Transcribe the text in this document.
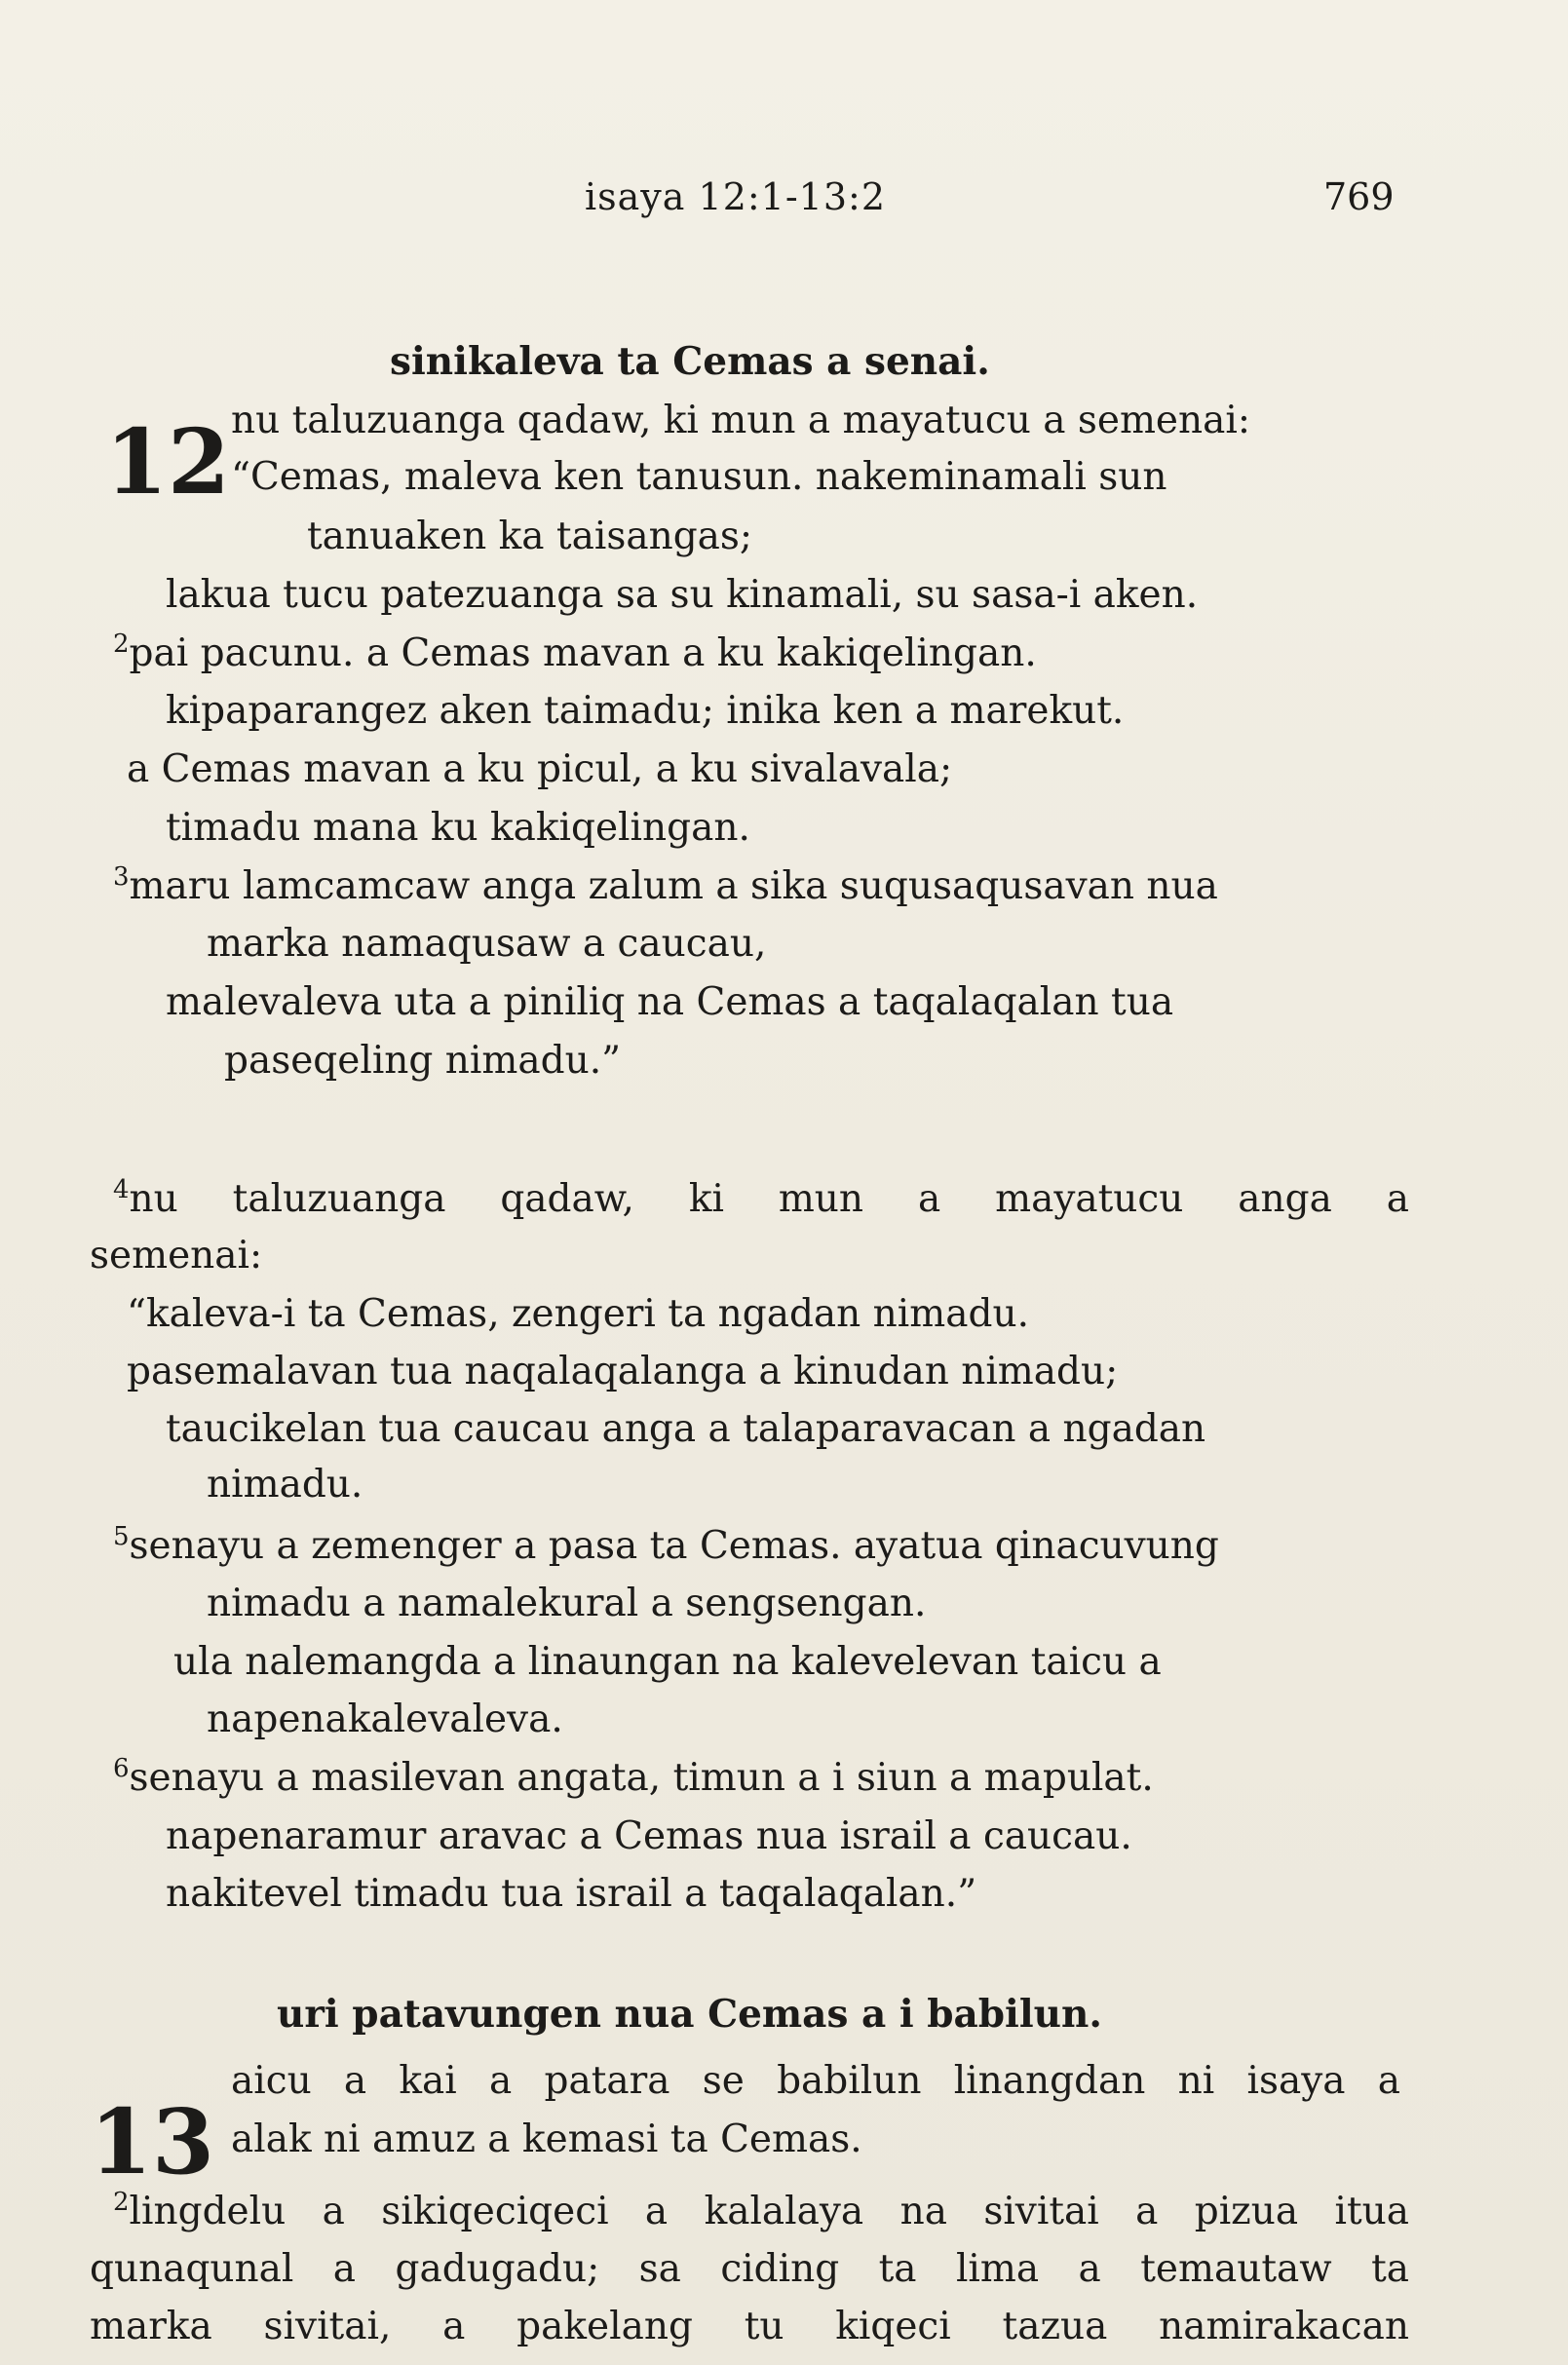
isaya 12:1-13:2	769
sinikaleva ta Cemas a senai.
12 nu taluzuanga qadaw, ki mun a mayatucu a semenai:
“Cemas, maleva ken tanusun. nakeminamali sun
tanuaken ka taisangas;
lakua tucu patezuanga sa su kinamali, su sasa-i aken.
$^2$pai pacunu. a Cemas mavan a ku kakiqelingan.
kipaparangez aken taimadu; inika ken a marekut.
a Cemas mavan a ku picul, a ku sivalavala;
timadu mana ku kakiqelingan.
$^3$maru lamcamcaw anga zalum a sika suqusaqusavan nua
marka namaqusaw a caucau,
malevaleva uta a piniliq na Cemas a taqalaqalan tua
paseqeling nimadu.”
$^4$nu taluzuanga qadaw, ki mun a mayatucu anga a
semenai:
“kaleva-i ta Cemas, zengeri ta ngadan nimadu.
pasemalavan tua naqalaqalanga a kinudan nimadu;
taucikelan tua caucau anga a talaparavacan a ngadan
nimadu.
$^5$senayu a zemenger a pasa ta Cemas. ayatua qinacuvung
nimadu a namalekural a sengsengan.
ula nalemangda a linaungan na kalevelevan taicu a
napenakalevaleva.
$^6$senayu a masilevan angata, timun a i siun a mapulat.
napenaramur aravac a Cemas nua israil a caucau.
nakitevel timadu tua israil a taqalaqalan.”
uri patavungen nua Cemas a i babilun.
13
aicu a kai a patara se babilun linangdan ni isaya a
alak ni amuz a kemasi ta Cemas.
$^2$lingdelu a sikiqeciqeci a kalalaya na sivitai a pizua itua
qunaqunal a gadugadu; sa ciding ta lima a temautaw ta
marka sivitai, a pakelang tu kiqeci tazua namirakacan
